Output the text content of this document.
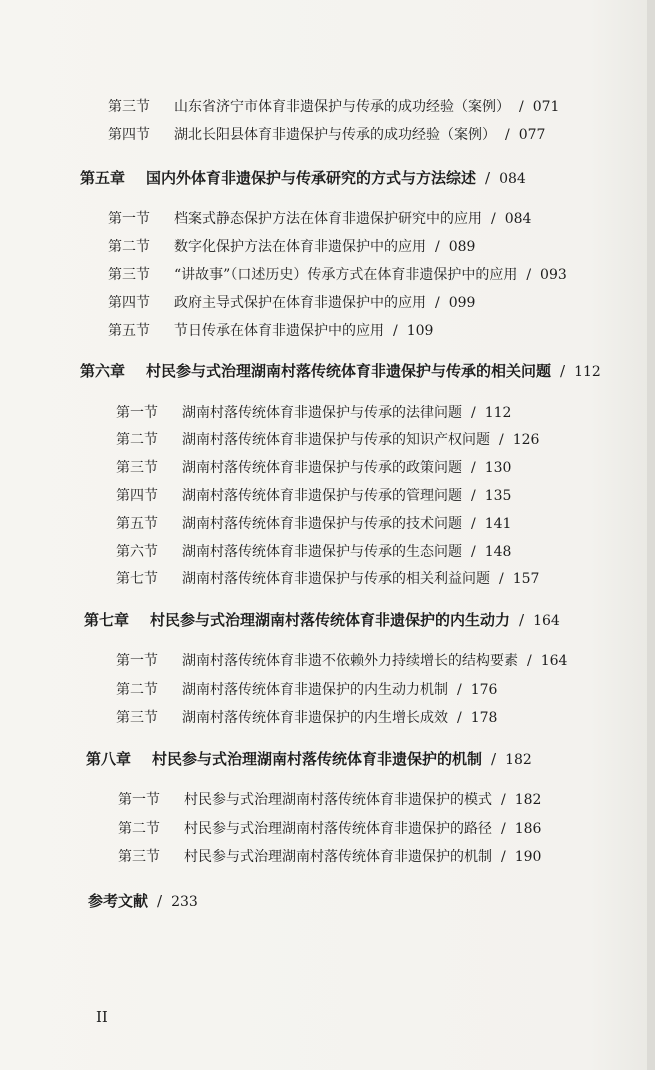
第三节 山东省济宁市体育非遗保护与传承的成功经验（案例） / 071
第四节 湖北长阳县体育非遗保护与传承的成功经验（案例） / 077
第五章 国内外体育非遗保护与传承研究的方式与方法综述 / 084
第一节 档案式静态保护方法在体育非遗保护研究中的应用 / 084
第二节 数字化保护方法在体育非遗保护中的应用 / 089
第三节 “讲故事”（口述历史）传承方式在体育非遗保护中的应用 / 093
第四节 政府主导式保护在体育非遗保护中的应用 / 099
第五节 节日传承在体育非遗保护中的应用 / 109
第六章 村民参与式治理湖南村落传统体育非遗保护与传承的相关问题 / 112
第一节 湖南村落传统体育非遗保护与传承的法律问题 / 112
第二节 湖南村落传统体育非遗保护与传承的知识产权问题 / 126
第三节 湖南村落传统体育非遗保护与传承的政策问题 / 130
第四节 湖南村落传统体育非遗保护与传承的管理问题 / 135
第五节 湖南村落传统体育非遗保护与传承的技术问题 / 141
第六节 湖南村落传统体育非遗保护与传承的生态问题 / 148
第七节 湖南村落传统体育非遗保护与传承的相关利益问题 / 157
第七章 村民参与式治理湖南村落传统体育非遗保护的内生动力 / 164
第一节 湖南村落传统体育非遗不依赖外力持续增长的结构要素 / 164
第二节 湖南村落传统体育非遗保护的内生动力机制 / 176
第三节 湖南村落传统体育非遗保护的内生增长成效 / 178
第八章 村民参与式治理湖南村落传统体育非遗保护的机制 / 182
第一节 村民参与式治理湖南村落传统体育非遗保护的模式 / 182
第二节 村民参与式治理湖南村落传统体育非遗保护的路径 / 186
第三节 村民参与式治理湖南村落传统体育非遗保护的机制 / 190
参考文献 / 233
II
